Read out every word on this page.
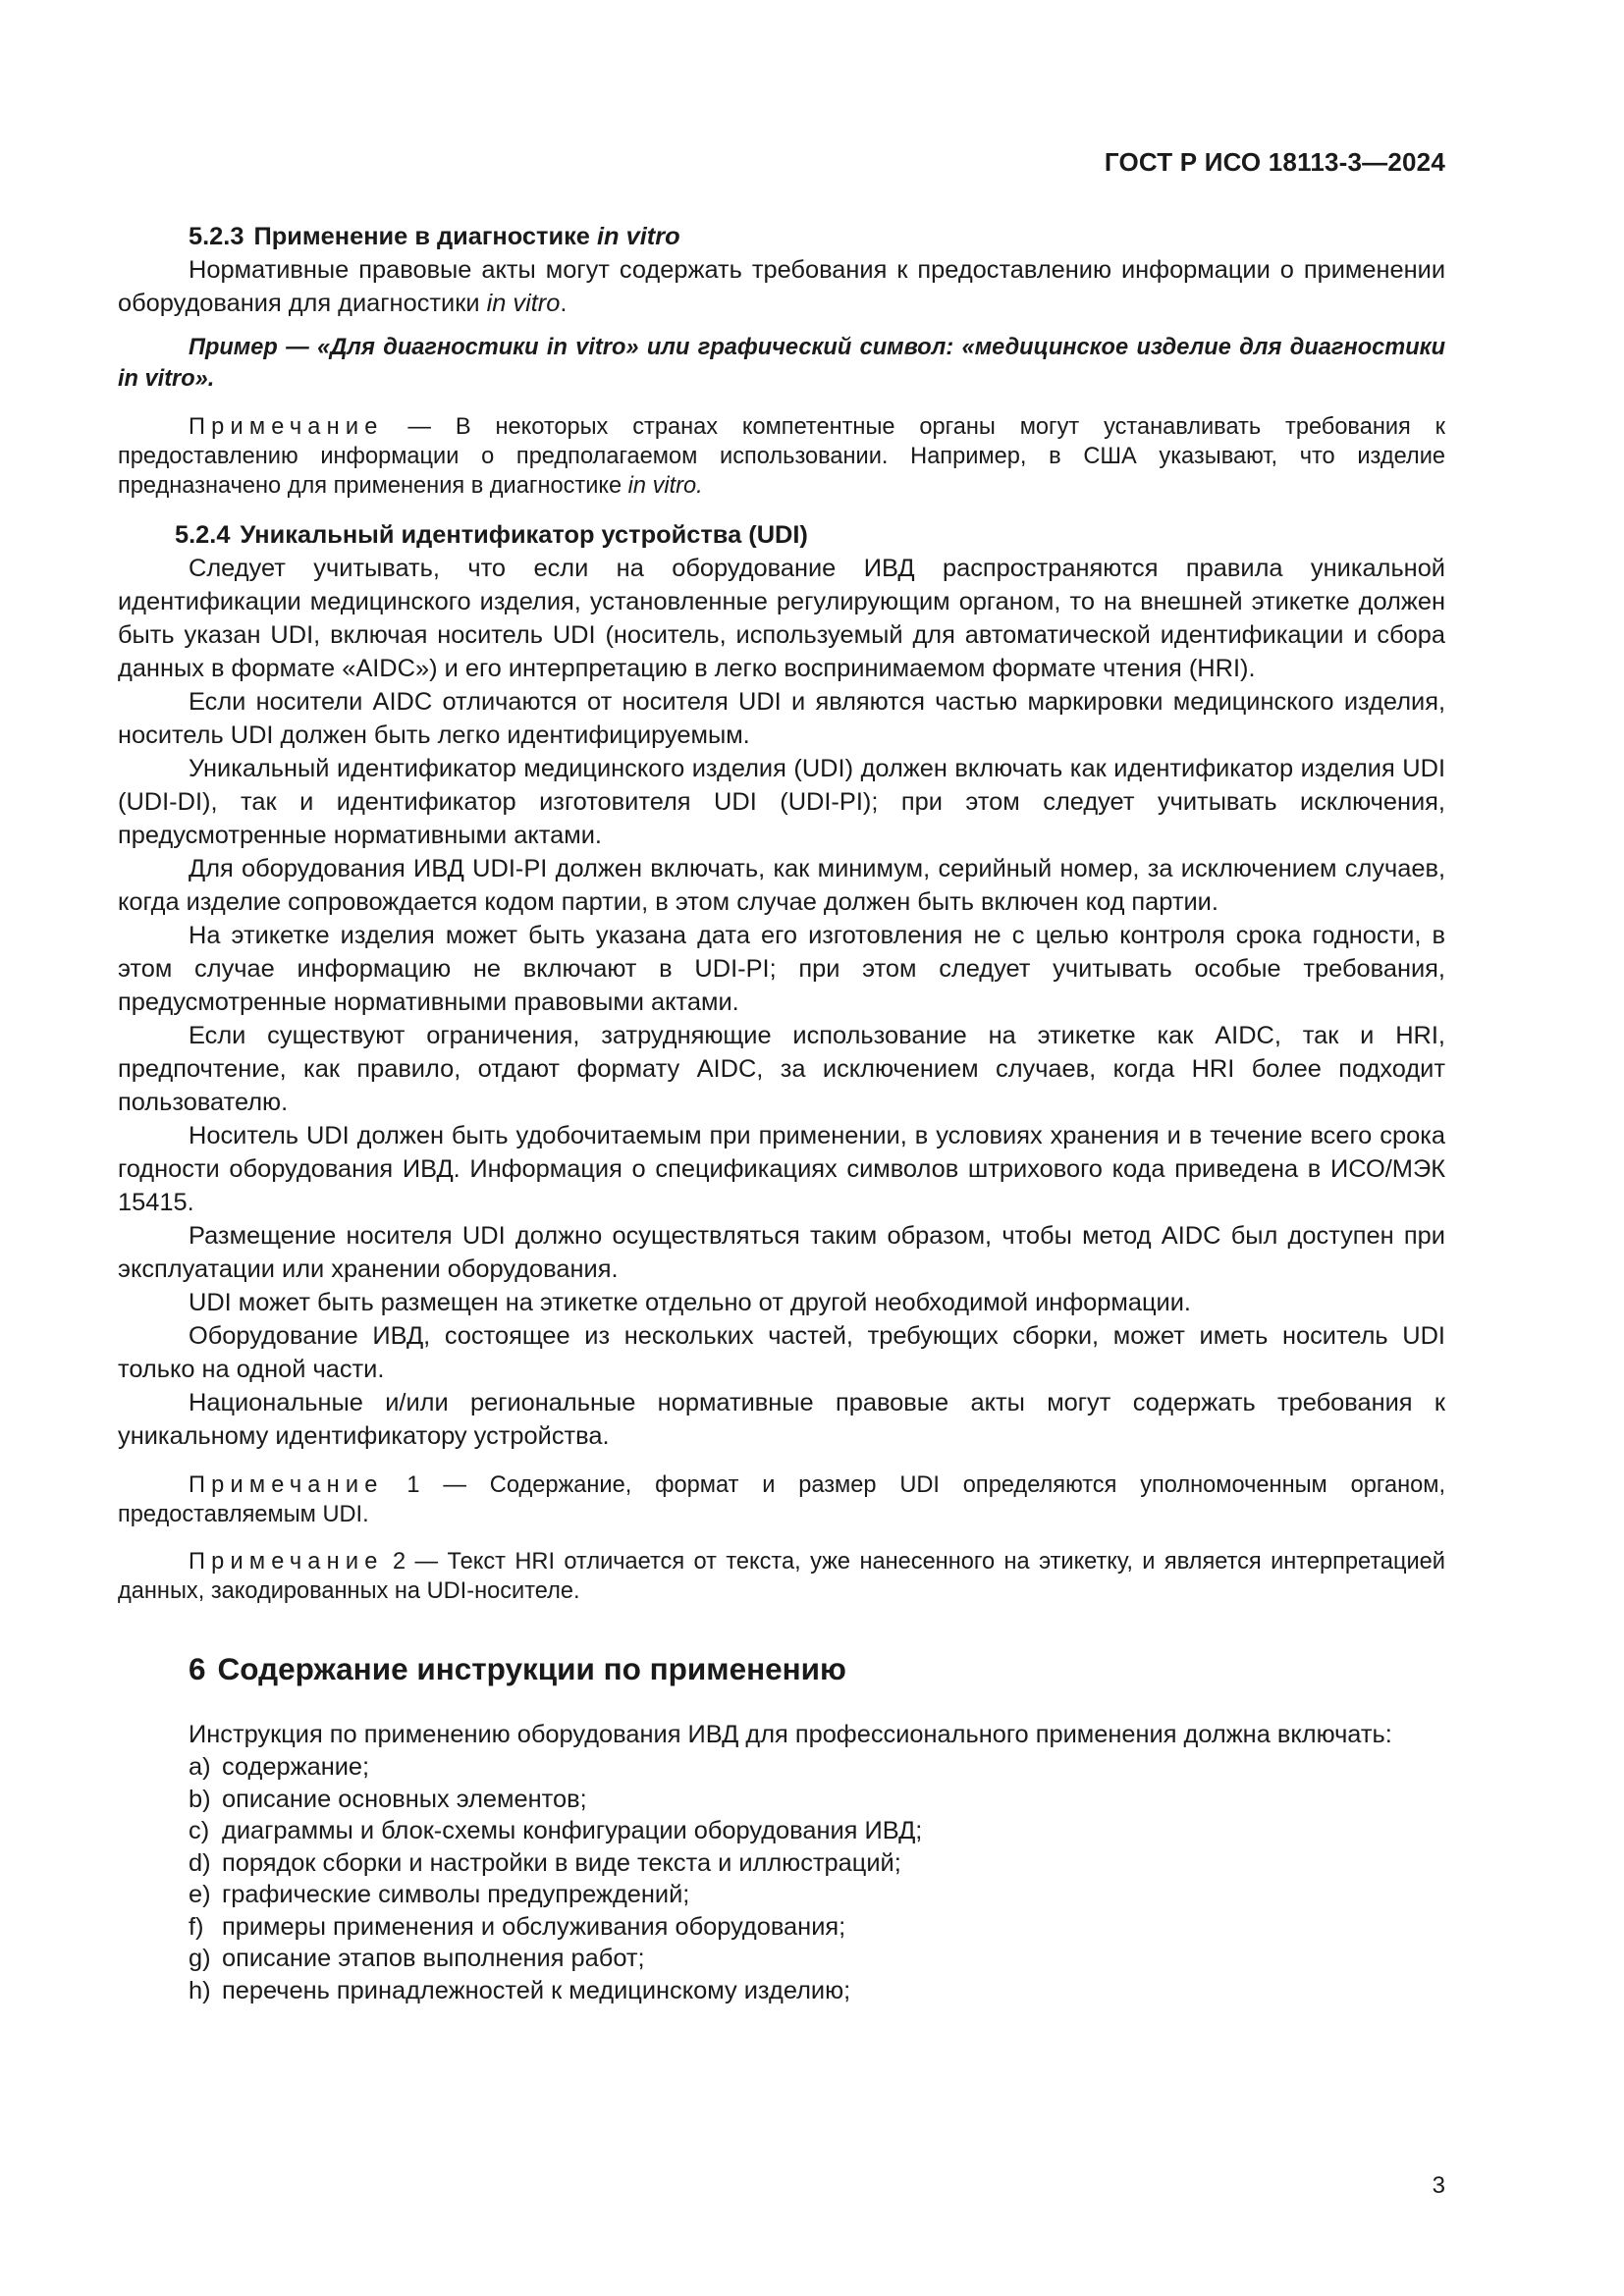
ГОСТ Р ИСО 18113-3—2024

5.2.3 Применение в диагностике in vitro

Нормативные правовые акты могут содержать требования к предоставлению информации о применении оборудования для диагностики in vitro.

Пример — «Для диагностики in vitro» или графический символ: «медицинское изделие для диагностики in vitro».

Примечание — В некоторых странах компетентные органы могут устанавливать требования к предоставлению информации о предполагаемом использовании. Например, в США указывают, что изделие предназначено для применения в диагностике in vitro.

5.2.4 Уникальный идентификатор устройства (UDI)

Следует учитывать, что если на оборудование ИВД распространяются правила уникальной идентификации медицинского изделия, установленные регулирующим органом, то на внешней этикетке должен быть указан UDI, включая носитель UDI (носитель, используемый для автоматической идентификации и сбора данных в формате «AIDC») и его интерпретацию в легко воспринимаемом формате чтения (HRI).

Если носители AIDC отличаются от носителя UDI и являются частью маркировки медицинского изделия, носитель UDI должен быть легко идентифицируемым.

Уникальный идентификатор медицинского изделия (UDI) должен включать как идентификатор изделия UDI (UDI-DI), так и идентификатор изготовителя UDI (UDI-PI); при этом следует учитывать исключения, предусмотренные нормативными актами.

Для оборудования ИВД UDI-PI должен включать, как минимум, серийный номер, за исключением случаев, когда изделие сопровождается кодом партии, в этом случае должен быть включен код партии.

На этикетке изделия может быть указана дата его изготовления не с целью контроля срока годности, в этом случае информацию не включают в UDI-PI; при этом следует учитывать особые требования, предусмотренные нормативными правовыми актами.

Если существуют ограничения, затрудняющие использование на этикетке как AIDC, так и HRI, предпочтение, как правило, отдают формату AIDC, за исключением случаев, когда HRI более подходит пользователю.

Носитель UDI должен быть удобочитаемым при применении, в условиях хранения и в течение всего срока годности оборудования ИВД. Информация о спецификациях символов штрихового кода приведена в ИСО/МЭК 15415.

Размещение носителя UDI должно осуществляться таким образом, чтобы метод AIDC был доступен при эксплуатации или хранении оборудования.

UDI может быть размещен на этикетке отдельно от другой необходимой информации.

Оборудование ИВД, состоящее из нескольких частей, требующих сборки, может иметь носитель UDI только на одной части.

Национальные и/или региональные нормативные правовые акты могут содержать требования к уникальному идентификатору устройства.

Примечание 1 — Содержание, формат и размер UDI определяются уполномоченным органом, предоставляемым UDI.

Примечание 2 — Текст HRI отличается от текста, уже нанесенного на этикетку, и является интерпретацией данных, закодированных на UDI-носителе.

6 Содержание инструкции по применению

Инструкция по применению оборудования ИВД для профессионального применения должна включать:

a) содержание;
b) описание основных элементов;
c) диаграммы и блок-схемы конфигурации оборудования ИВД;
d) порядок сборки и настройки в виде текста и иллюстраций;
e) графические символы предупреждений;
f) примеры применения и обслуживания оборудования;
g) описание этапов выполнения работ;
h) перечень принадлежностей к медицинскому изделию;
3
